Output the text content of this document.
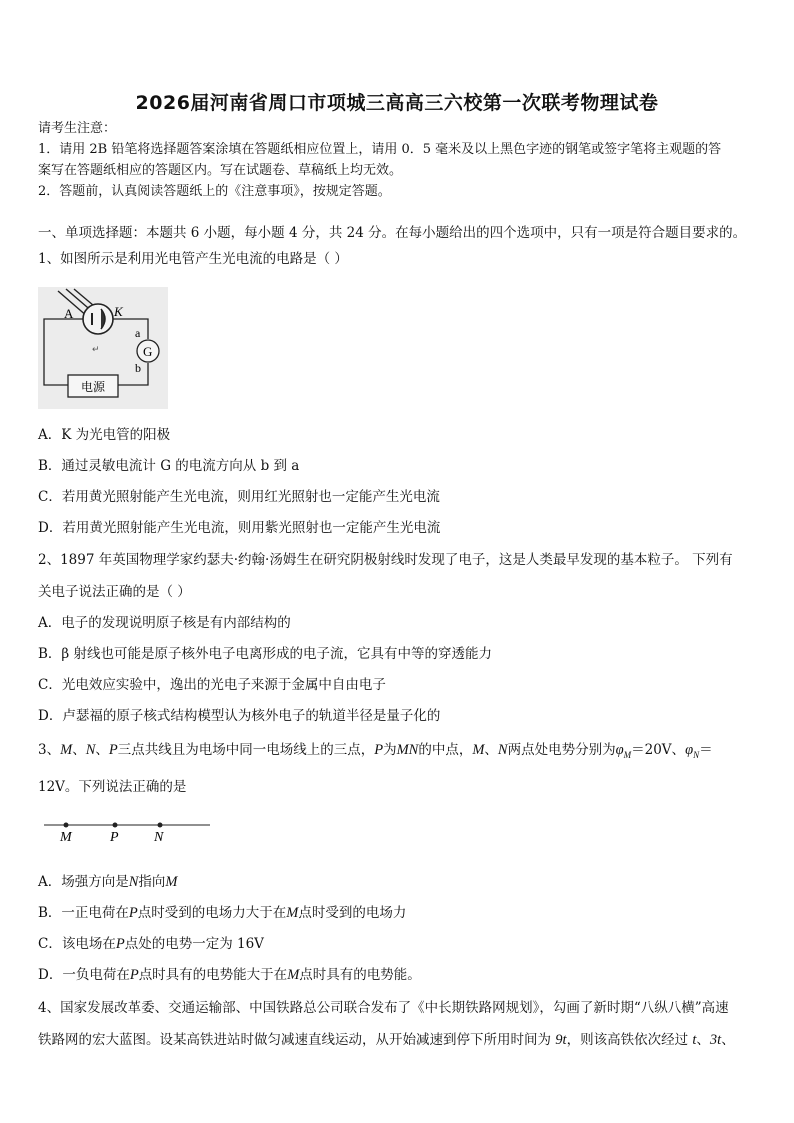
2026届河南省周口市项城三高高三六校第一次联考物理试卷
请考生注意：
1．请用 2B 铅笔将选择题答案涂填在答题纸相应位置上，请用 0．5 毫米及以上黑色字迹的钢笔或签字笔将主观题的答
案写在答题纸相应的答题区内。写在试题卷、草稿纸上均无效。
2．答题前，认真阅读答题纸上的《注意事项》，按规定答题。
一、单项选择题：本题共 6 小题，每小题 4 分，共 24 分。在每小题给出的四个选项中，只有一项是符合题目要求的。
1、如图所示是利用光电管产生光电流的电路是（ ）
A	K
a
b
G
↵
电源
A．K 为光电管的阳极
B．通过灵敏电流计 G 的电流方向从 b 到 a
C．若用黄光照射能产生光电流，则用红光照射也一定能产生光电流
D．若用黄光照射能产生光电流，则用紫光照射也一定能产生光电流
2、1897 年英国物理学家约瑟夫·约翰·汤姆生在研究阴极射线时发现了电子，这是人类最早发现的基本粒子。 下列有
关电子说法正确的是（ ）
A．电子的发现说明原子核是有内部结构的
B．β 射线也可能是原子核外电子电离形成的电子流，它具有中等的穿透能力
C．光电效应实验中，逸出的光电子来源于金属中自由电子
D．卢瑟福的原子核式结构模型认为核外电子的轨道半径是量子化的
3、M、N、P三点共线且为电场中同一电场线上的三点，P为MN的中点，M、N两点处电势分别为$\varphi_M=20V$、$\varphi_N=$
12V。下列说法正确的是
M	P	N
A．场强方向是N指向M
B．一正电荷在P点时受到的电场力大于在M点时受到的电场力
C．该电场在P点处的电势一定为 16V
D．一负电荷在P点时具有的电势能大于在M点时具有的电势能。
4、国家发展改革委、交通运输部、中国铁路总公司联合发布了《中长期铁路网规划》，勾画了新时期“八纵八横”高速
铁路网的宏大蓝图。设某高铁进站时做匀减速直线运动，从开始减速到停下所用时间为 9t，则该高铁依次经过 t、3t、
